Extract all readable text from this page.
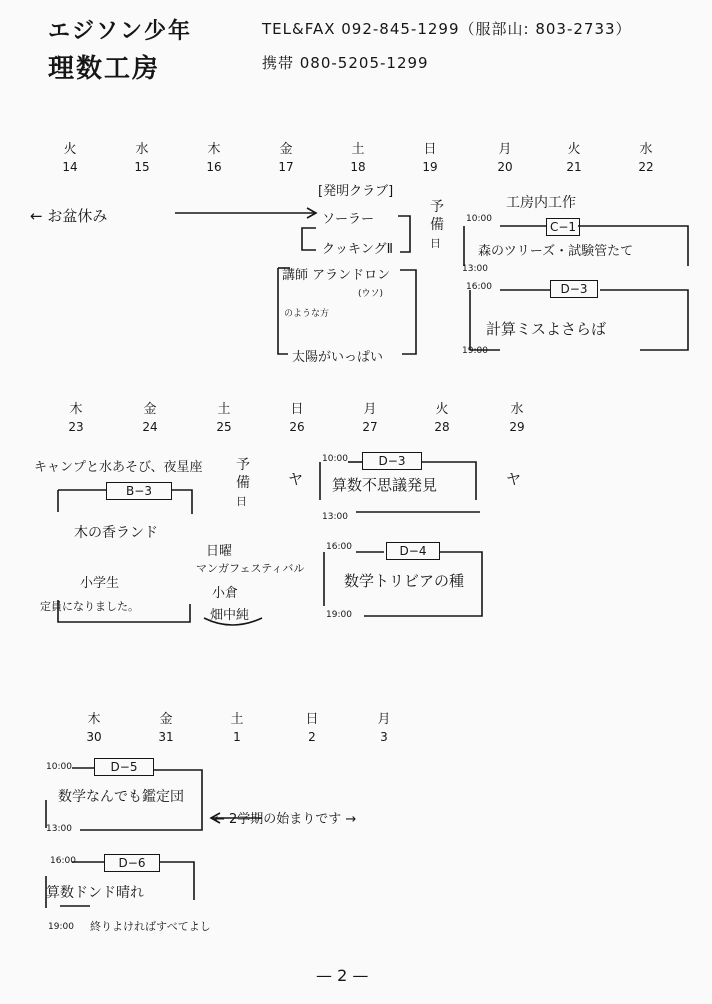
エジソン少年
理数工房
TEL&FAX 092-845-1299（服部山: 803-2733）
携帯 080-5205-1299
火	水	木	金	土	日	月	火	水
14	15	16	17	18	19	20	21	22
← お盆休み
[発明クラブ]
ソーラー
クッキングⅡ
予 備 日
工房内工作
10:00
C−1
森のツリーズ・試験管たて
13:00
16:00	D−3
計算ミスよさらば
19:00
講師 アランドロン
(ウソ)
のような方
太陽がいっぱい
木	金	土	日	月	火	水
23	24	25	26	27	28	29
キャンプと水あそび、夜星座 予 備 日
ヤ	ヤ
B−3
木の香ランド
日曜
マンガフェスティバル
小倉
畑中純
小学生
定員になりました。
10:00	D−3
算数不思議発見
13:00
16:00	D−4
数学トリビアの種
19:00
木	金	土	日	月
30	31	1	2	3
10:00	D−5
数学なんでも鑑定団
13:00
← 2学期の始まりです →
16:00	D−6
算数ドンド晴れ
19:00 終りよければすべてよし
— 2 —
